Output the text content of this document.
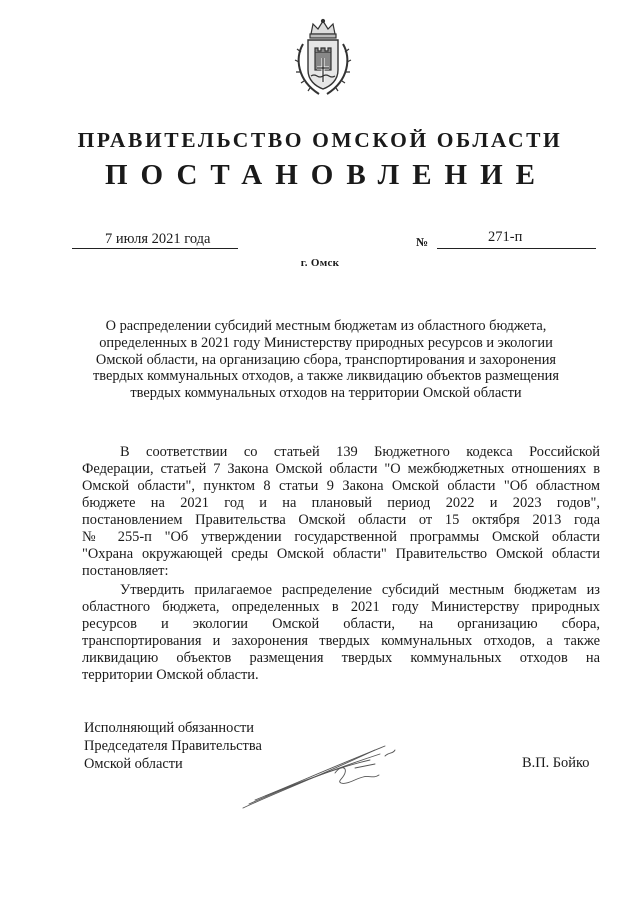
ПРАВИТЕЛЬСТВО ОМСКОЙ ОБЛАСТИ
ПОСТАНОВЛЕНИЕ
7 июля 2021 года	№	271-п
г. Омск
О распределении субсидий местным бюджетам из областного бюджета,
определенных в 2021 году Министерству природных ресурсов и экологии
Омской области, на организацию сбора, транспортирования и захоронения
твердых коммунальных отходов, а также ликвидацию объектов размещения
твердых коммунальных отходов на территории Омской области
В соответствии со статьей 139 Бюджетного кодекса Российской
Федерации, статьей 7 Закона Омской области "О межбюджетных отношениях в
Омской области", пунктом 8 статьи 9 Закона Омской области "Об областном
бюджете на 2021 год и на плановый период 2022 и 2023 годов",
постановлением Правительства Омской области от 15 октября 2013 года
№ 255-п "Об утверждении государственной программы Омской области
"Охрана окружающей среды Омской области" Правительство Омской области
постановляет:
Утвердить прилагаемое распределение субсидий местным бюджетам из
областного бюджета, определенных в 2021 году Министерству природных
ресурсов и экологии Омской области, на организацию сбора,
транспортирования и захоронения твердых коммунальных отходов, а также
ликвидацию объектов размещения твердых коммунальных отходов на
территории Омской области.
Исполняющий обязанности
Председателя Правительства
Омской области	В.П. Бойко
